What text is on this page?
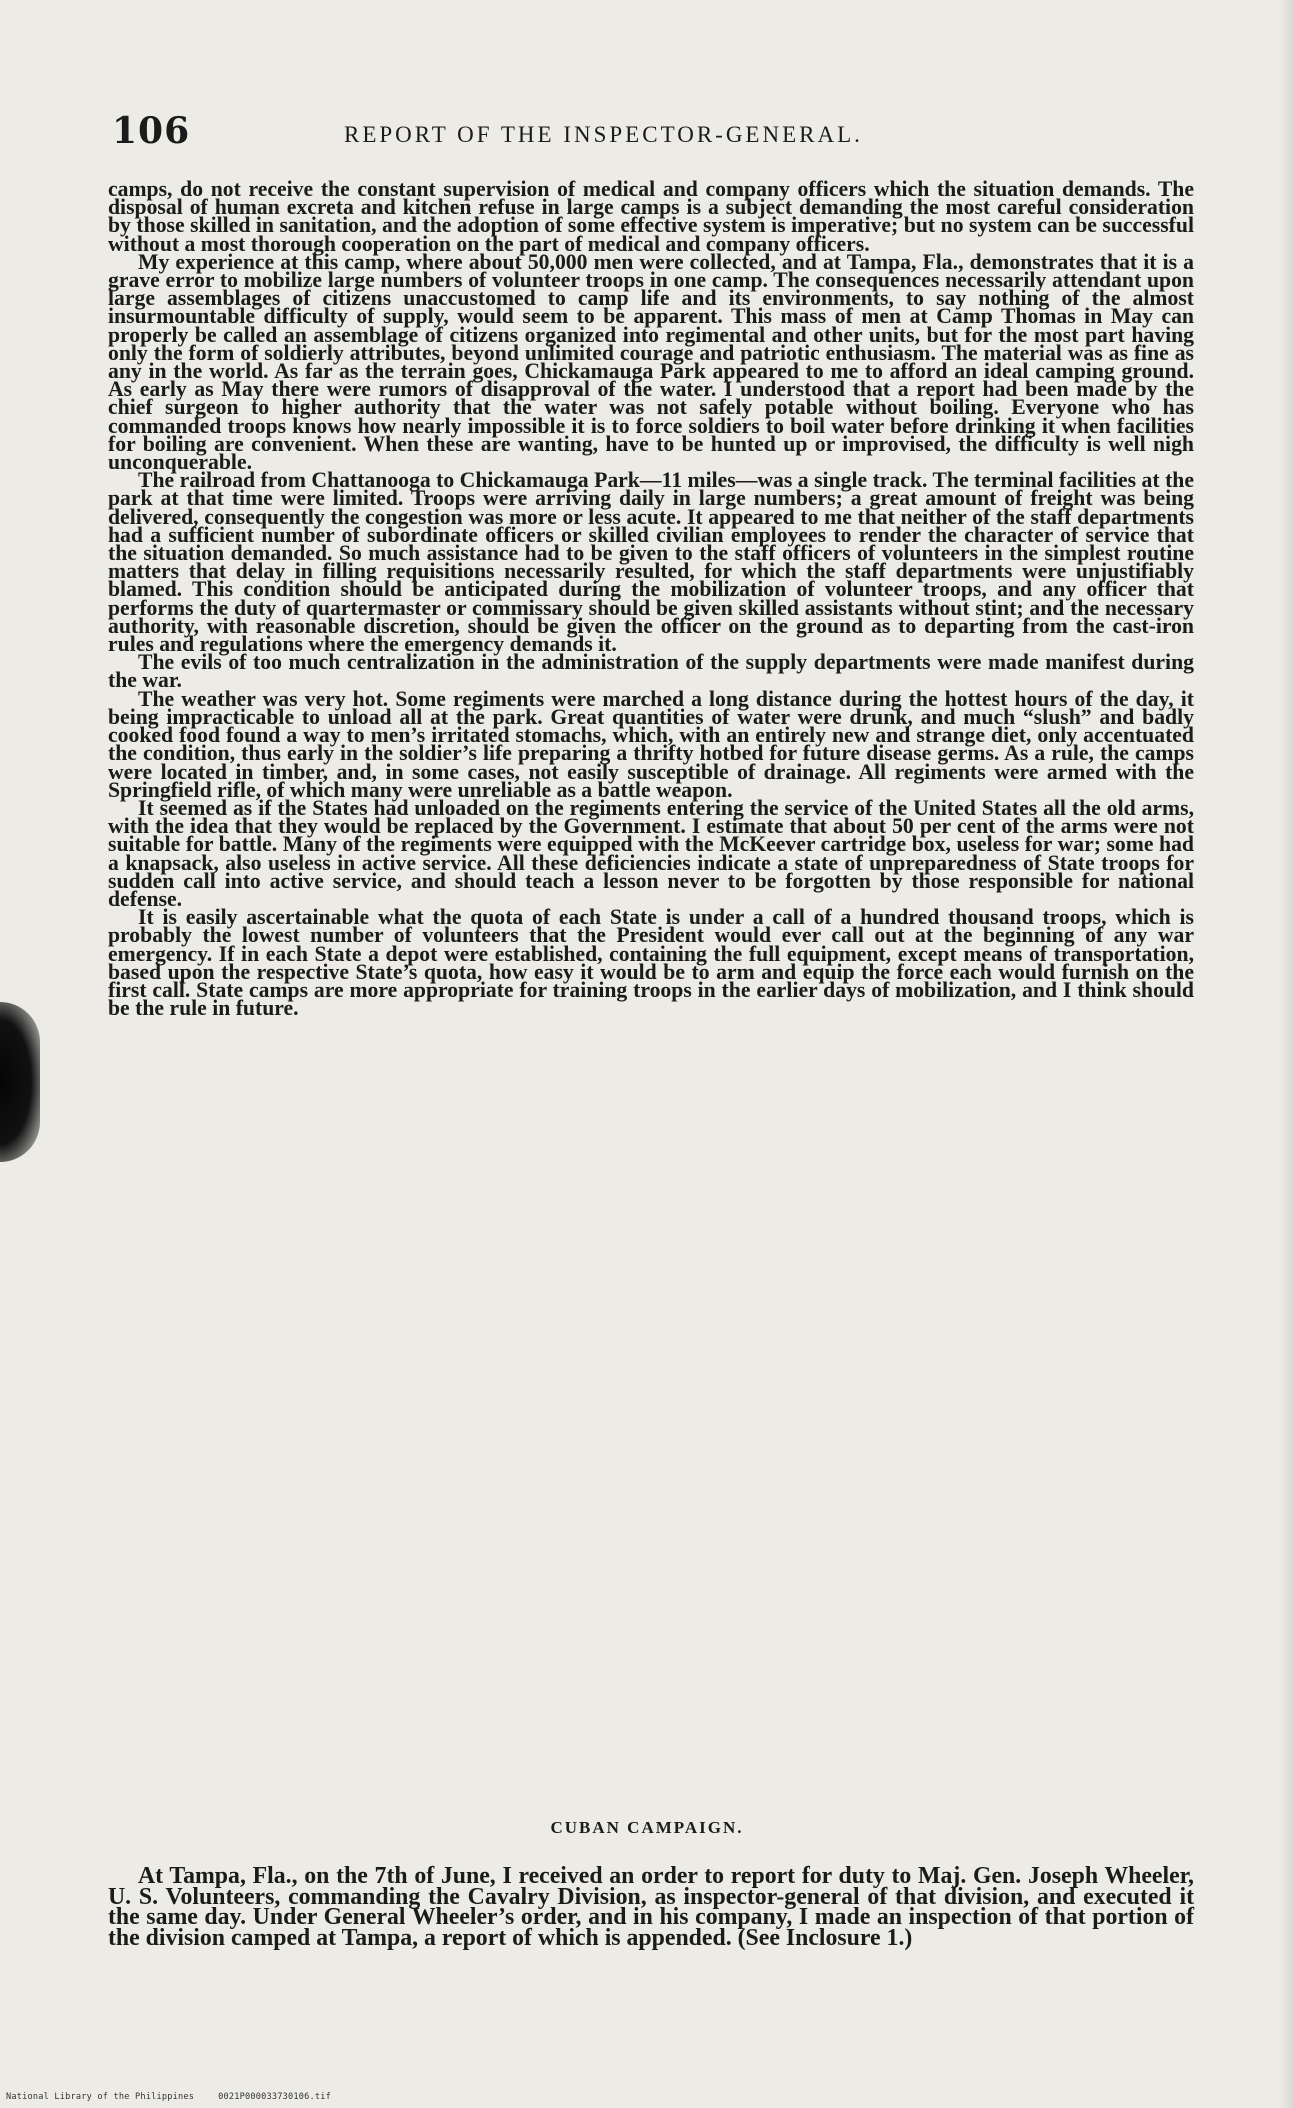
106	REPORT OF THE INSPECTOR-GENERAL.

camps, do not receive the constant supervision of medical and company officers which the situation demands. The disposal of human excreta and kitchen refuse in large camps is a subject demanding the most careful consideration by those skilled in sanitation, and the adoption of some effective system is imperative; but no system can be successful without a most thorough cooperation on the part of medical and company officers.

My experience at this camp, where about 50,000 men were collected, and at Tampa, Fla., demonstrates that it is a grave error to mobilize large numbers of volunteer troops in one camp. The consequences necessarily attendant upon large assemblages of citizens unaccustomed to camp life and its environments, to say nothing of the almost insurmountable difficulty of supply, would seem to be apparent. This mass of men at Camp Thomas in May can properly be called an assemblage of citizens organized into regimental and other units, but for the most part having only the form of soldierly attributes, beyond unlimited courage and patriotic enthusiasm. The material was as fine as any in the world. As far as the terrain goes, Chickamauga Park appeared to me to afford an ideal camping ground. As early as May there were rumors of disapproval of the water. I understood that a report had been made by the chief surgeon to higher authority that the water was not safely potable without boiling. Everyone who has commanded troops knows how nearly impossible it is to force soldiers to boil water before drinking it when facilities for boiling are convenient. When these are wanting, have to be hunted up or improvised, the difficulty is well nigh unconquerable.

The railroad from Chattanooga to Chickamauga Park—11 miles—was a single track. The terminal facilities at the park at that time were limited. Troops were arriving daily in large numbers; a great amount of freight was being delivered, consequently the congestion was more or less acute. It appeared to me that neither of the staff departments had a sufficient number of subordinate officers or skilled civilian employees to render the character of service that the situation demanded. So much assistance had to be given to the staff officers of volunteers in the simplest routine matters that delay in filling requisitions necessarily resulted, for which the staff departments were unjustifiably blamed. This condition should be anticipated during the mobilization of volunteer troops, and any officer that performs the duty of quartermaster or commissary should be given skilled assistants without stint; and the necessary authority, with reasonable discretion, should be given the officer on the ground as to departing from the cast-iron rules and regulations where the emergency demands it.

The evils of too much centralization in the administration of the supply departments were made manifest during the war.

The weather was very hot. Some regiments were marched a long distance during the hottest hours of the day, it being impracticable to unload all at the park. Great quantities of water were drunk, and much “slush” and badly cooked food found a way to men’s irritated stomachs, which, with an entirely new and strange diet, only accentuated the condition, thus early in the soldier’s life preparing a thrifty hotbed for future disease germs. As a rule, the camps were located in timber, and, in some cases, not easily susceptible of drainage. All regiments were armed with the Springfield rifle, of which many were unreliable as a battle weapon.

It seemed as if the States had unloaded on the regiments entering the service of the United States all the old arms, with the idea that they would be replaced by the Government. I estimate that about 50 per cent of the arms were not suitable for battle. Many of the regiments were equipped with the McKeever cartridge box, useless for war; some had a knapsack, also useless in active service. All these deficiencies indicate a state of unpreparedness of State troops for sudden call into active service, and should teach a lesson never to be forgotten by those responsible for national defense.

It is easily ascertainable what the quota of each State is under a call of a hundred thousand troops, which is probably the lowest number of volunteers that the President would ever call out at the beginning of any war emergency. If in each State a depot were established, containing the full equipment, except means of transportation, based upon the respective State’s quota, how easy it would be to arm and equip the force each would furnish on the first call. State camps are more appropriate for training troops in the earlier days of mobilization, and I think should be the rule in future.

CUBAN CAMPAIGN.

At Tampa, Fla., on the 7th of June, I received an order to report for duty to Maj. Gen. Joseph Wheeler, U. S. Volunteers, commanding the Cavalry Division, as inspector-general of that division, and executed it the same day. Under General Wheeler’s order, and in his company, I made an inspection of that portion of the division camped at Tampa, a report of which is appended. (See Inclosure 1.)

National Library of the Philippines	0021P000033730106.tif
